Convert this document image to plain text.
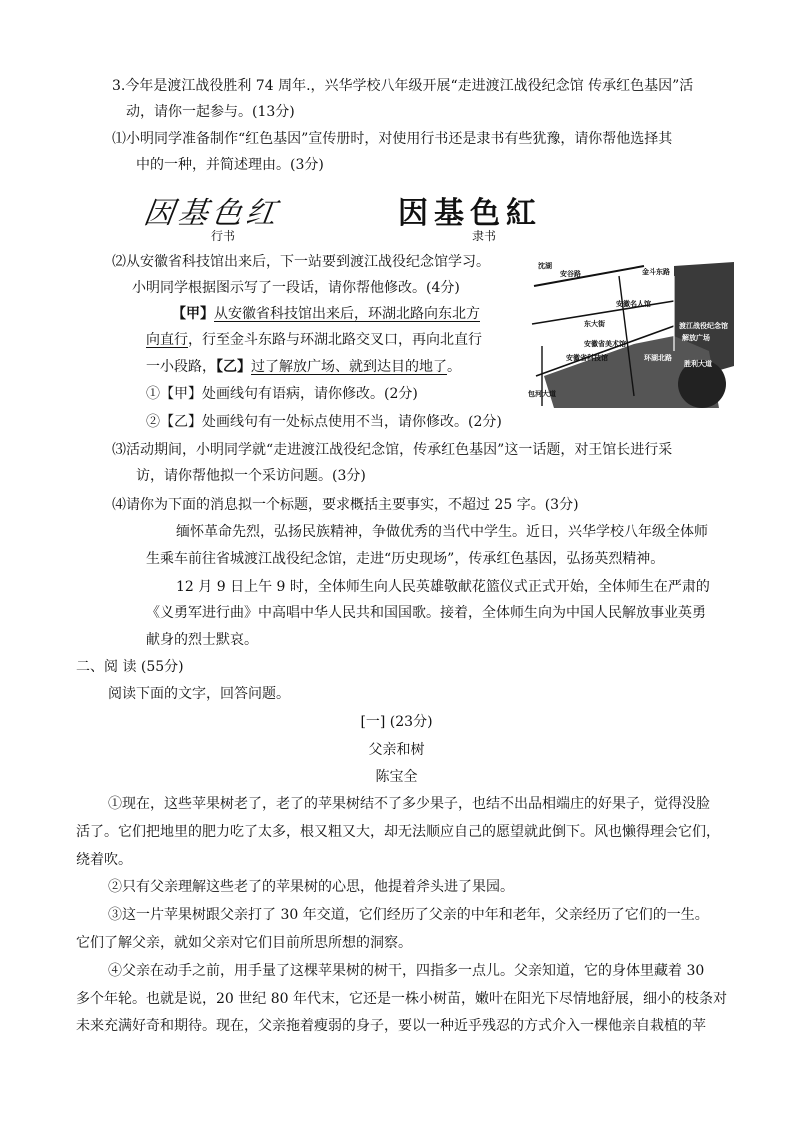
3.今年是渡江战役胜利 74 周年.，兴华学校八年级开展“走进渡江战役纪念馆 传承红色基因”活
动，请你一起参与。(13分)
⑴小明同学准备制作“红色基因”宣传册时，对使用行书还是隶书有些犹豫，请你帮他选择其
中的一种，并简述理由。(3分)
因基色红	因基色紅
行书	隶书
⑵从安徽省科技馆出来后，下一站要到渡江战役纪念馆学习。
小明同学根据图示写了一段话，请你帮他修改。(4分)
【甲】从安徽省科技馆出来后，环湖北路向东北方
向直行，行至金斗东路与环湖北路交叉口，再向北直行
一小段路，【乙】过了解放广场、就到达目的地了。
①【甲】处画线句有语病，请你修改。(2分)
②【乙】处画线句有一处标点使用不当，请你修改。(2分)
沈湖
安谷路	金斗东路
安徽名人馆
东大街	渡江战役纪念馆
解放广场
安徽省美术馆
安徽省科技馆	环湖北路
包河大道
胜利大道
⑶活动期间，小明同学就“走进渡江战役纪念馆，传承红色基因”这一话题，对王馆长进行采
访，请你帮他拟一个采访问题。(3分)
⑷请你为下面的消息拟一个标题，要求概括主要事实，不超过 25 字。(3分)
缅怀革命先烈，弘扬民族精神，争做优秀的当代中学生。近日，兴华学校八年级全体师
生乘车前往省城渡江战役纪念馆，走进“历史现场”，传承红色基因，弘扬英烈精神。
12 月 9 日上午 9 时，全体师生向人民英雄敬献花篮仪式正式开始，全体师生在严肃的
《义勇军进行曲》中高唱中华人民共和国国歌。接着，全体师生向为中国人民解放事业英勇
献身的烈士默哀。
二、阅 读 (55分)
阅读下面的文字，回答问题。
[一] (23分)
父亲和树
陈宝全
①现在，这些苹果树老了，老了的苹果树结不了多少果子，也结不出品相端庄的好果子，觉得没脸
活了。它们把地里的肥力吃了太多，根又粗又大，却无法顺应自己的愿望就此倒下。风也懒得理会它们，
绕着吹。
②只有父亲理解这些老了的苹果树的心思，他提着斧头进了果园。
③这一片苹果树跟父亲打了 30 年交道，它们经历了父亲的中年和老年，父亲经历了它们的一生。
它们了解父亲，就如父亲对它们目前所思所想的洞察。
④父亲在动手之前，用手量了这棵苹果树的树干，四指多一点儿。父亲知道，它的身体里藏着 30
多个年轮。也就是说，20 世纪 80 年代末，它还是一株小树苗，嫩叶在阳光下尽情地舒展，细小的枝条对
未来充满好奇和期待。现在，父亲拖着瘦弱的身子，要以一种近乎残忍的方式介入一棵他亲自栽植的苹
